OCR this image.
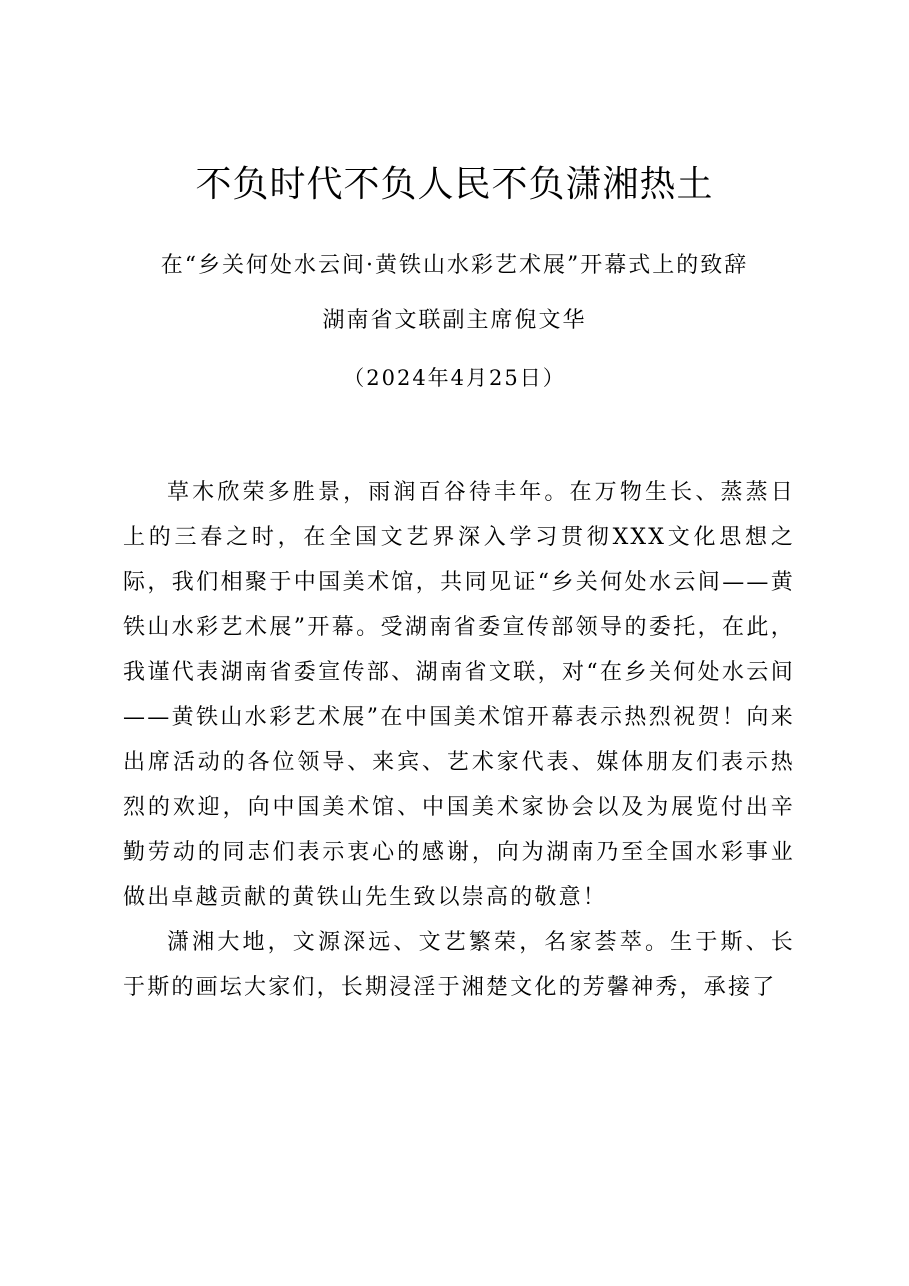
不负时代不负人民不负潇湘热土
在“乡关何处水云间·黄铁山水彩艺术展”开幕式上的致辞
湖南省文联副主席倪文华
（2024年4月25日）

草木欣荣多胜景，雨润百谷待丰年。在万物生长、蒸蒸日上的三春之时，在全国文艺界深入学习贯彻XXX文化思想之际，我们相聚于中国美术馆，共同见证“乡关何处水云间——黄铁山水彩艺术展”开幕。受湖南省委宣传部领导的委托，在此，我谨代表湖南省委宣传部、湖南省文联，对“在乡关何处水云间——黄铁山水彩艺术展”在中国美术馆开幕表示热烈祝贺！向来出席活动的各位领导、来宾、艺术家代表、媒体朋友们表示热烈的欢迎，向中国美术馆、中国美术家协会以及为展览付出辛勤劳动的同志们表示衷心的感谢，向为湖南乃至全国水彩事业做出卓越贡献的黄铁山先生致以崇高的敬意！

潇湘大地，文源深远、文艺繁荣，名家荟萃。生于斯、长于斯的画坛大家们，长期浸淫于湘楚文化的芳馨神秀，承接了
